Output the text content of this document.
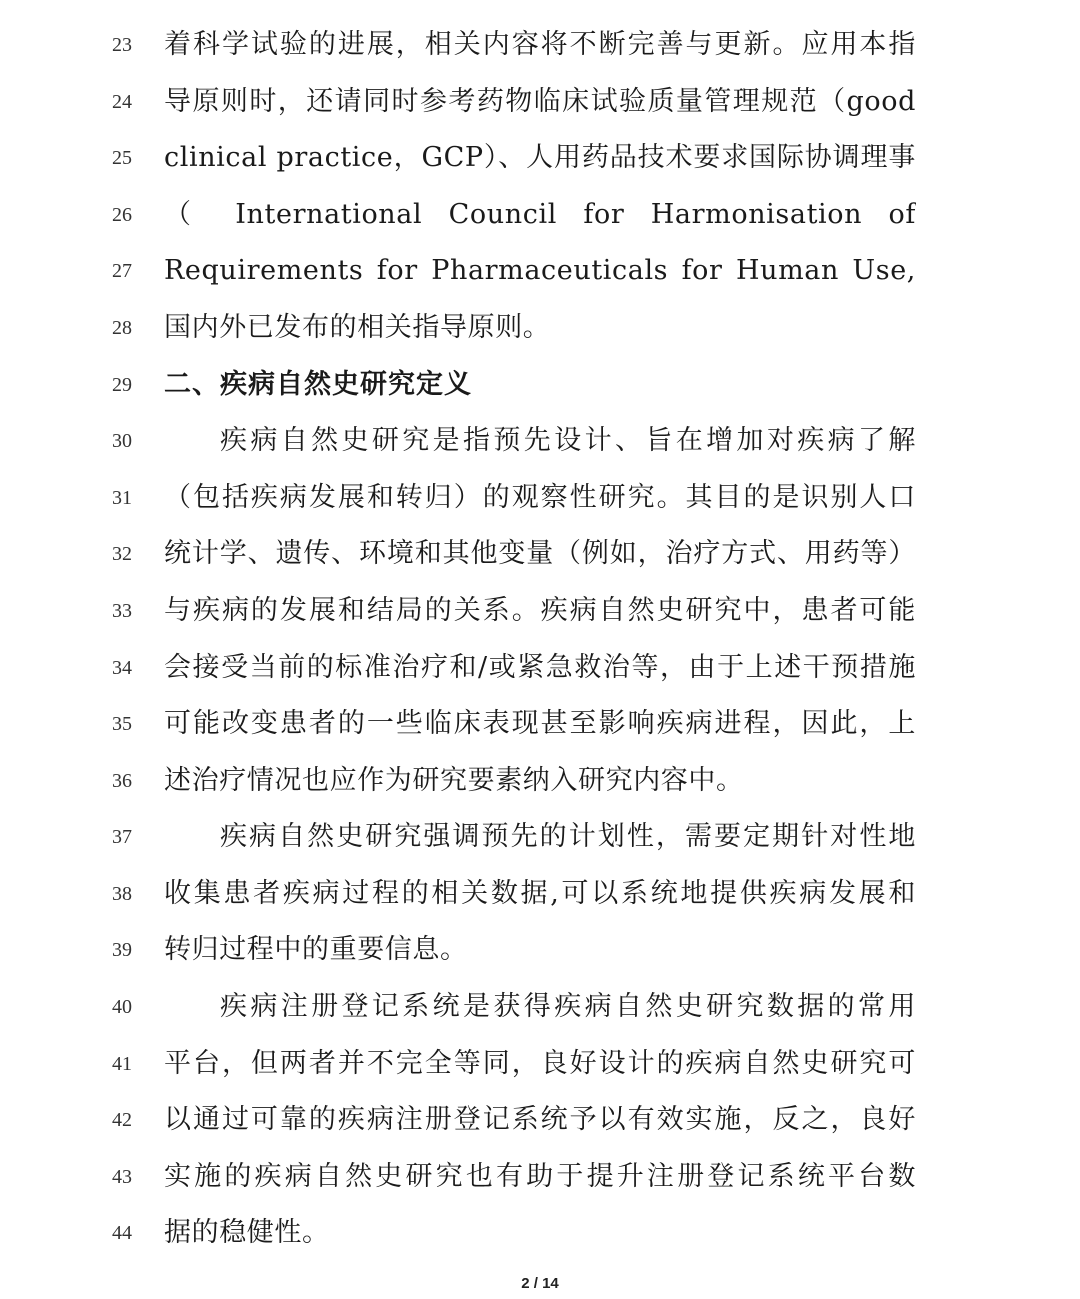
23 着科学试验的进展，相关内容将不断完善与更新。应用本指
24 导原则时，还请同时参考药物临床试验质量管理规范（good
25 clinical practice，GCP）、人用药品技术要求国际协调理事
26 （ International Council for Harmonisation of
27 Requirements for Pharmaceuticals for Human Use,
28 国内外已发布的相关指导原则。
29 二、疾病自然史研究定义
30	疾病自然史研究是指预先设计、旨在增加对疾病了解
31 （包括疾病发展和转归）的观察性研究。其目的是识别人口
32 统计学、遗传、环境和其他变量（例如，治疗方式、用药等）
33 与疾病的发展和结局的关系。疾病自然史研究中，患者可能
34 会接受当前的标准治疗和/或紧急救治等，由于上述干预措施
35 可能改变患者的一些临床表现甚至影响疾病进程，因此，上
36 述治疗情况也应作为研究要素纳入研究内容中。
37	疾病自然史研究强调预先的计划性，需要定期针对性地
38 收集患者疾病过程的相关数据,可以系统地提供疾病发展和
39 转归过程中的重要信息。
40	疾病注册登记系统是获得疾病自然史研究数据的常用
41 平台，但两者并不完全等同，良好设计的疾病自然史研究可
42 以通过可靠的疾病注册登记系统予以有效实施，反之，良好
43 实施的疾病自然史研究也有助于提升注册登记系统平台数
44 据的稳健性。
2 / 14
